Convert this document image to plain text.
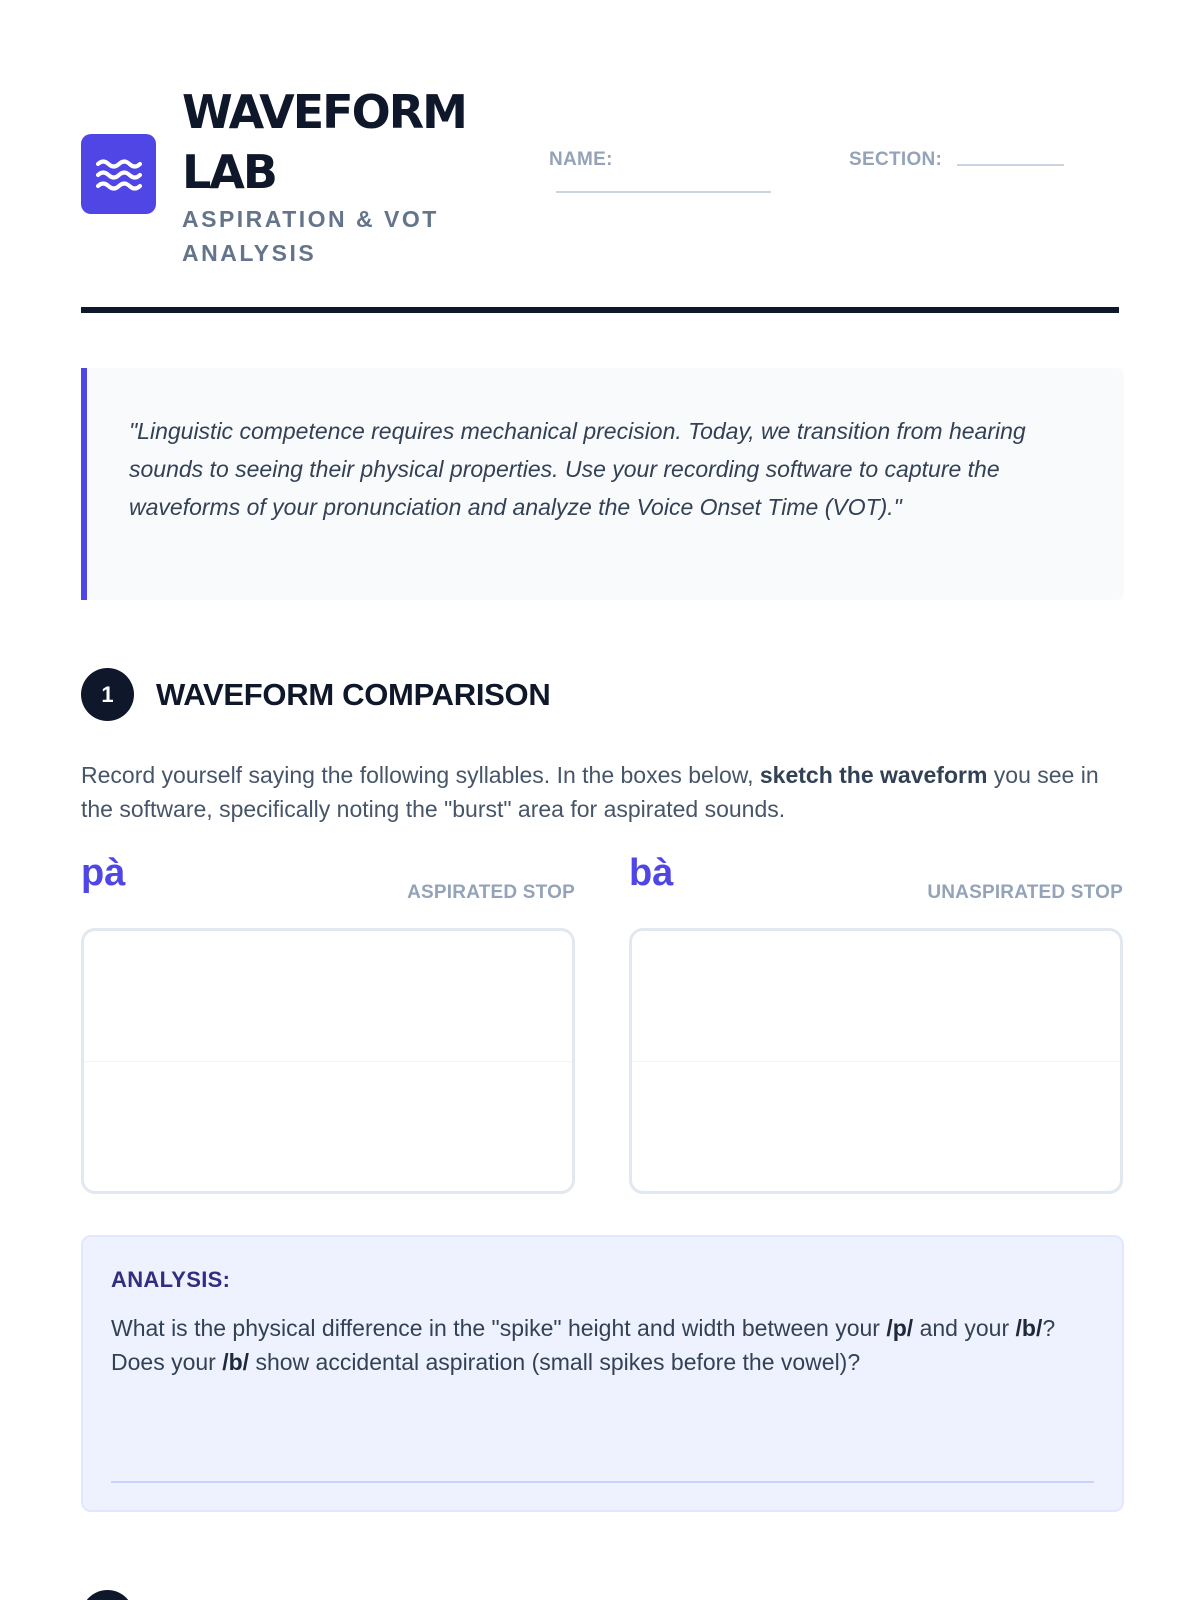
WAVEFORM LAB
ASPIRATION & VOT ANALYSIS
NAME:	SECTION:
"Linguistic competence requires mechanical precision. Today, we transition from hearing sounds to seeing their physical properties. Use your recording software to capture the waveforms of your pronunciation and analyze the Voice Onset Time (VOT)."
1	WAVEFORM COMPARISON

Record yourself saying the following syllables. In the boxes below, sketch the waveform you see in the software, specifically noting the "burst" area for aspirated sounds.

pà	ASPIRATED STOP bà	UNASPIRATED STOP
ANALYSIS:

What is the physical difference in the "spike" height and width between your /p/ and your /b/? Does your /b/ show accidental aspiration (small spikes before the vowel)?
